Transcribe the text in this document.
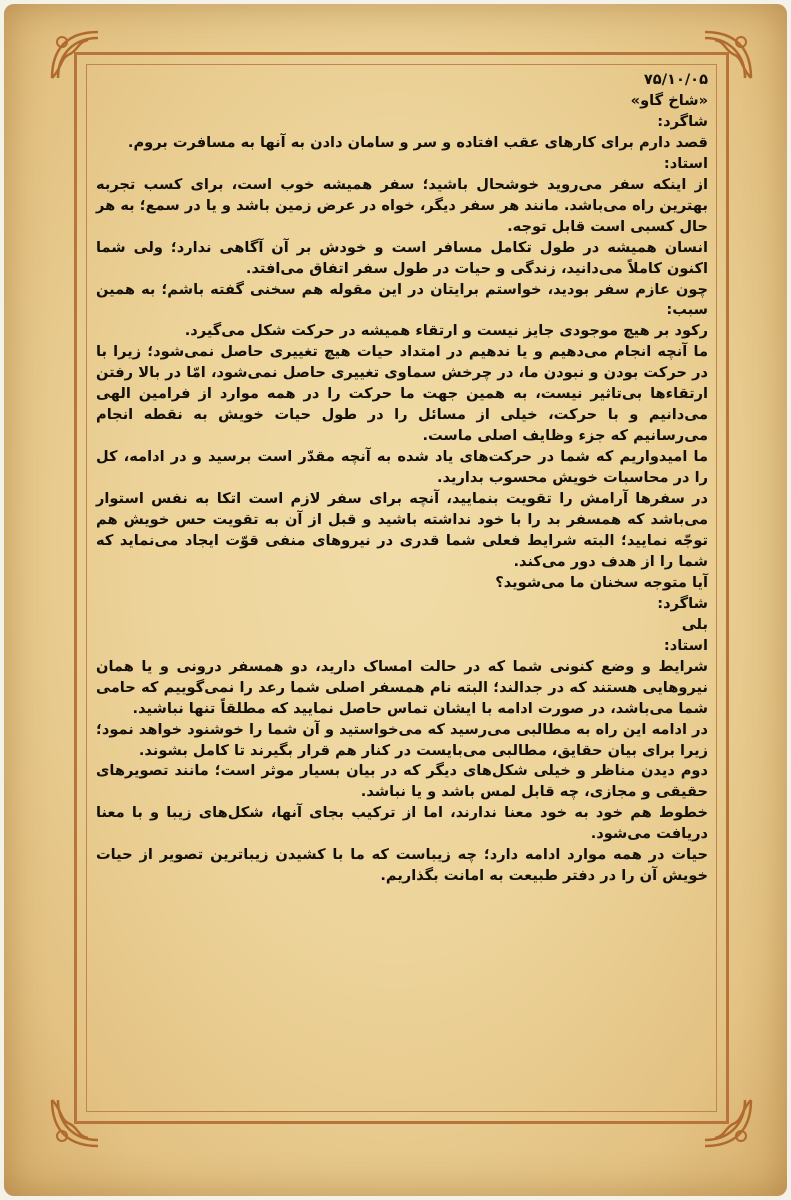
۷۵/۱۰/۰۵

«شاخ گاو»

شاگرد:

قصد دارم برای کارهای عقب افتاده و سر و سامان دادن به آنها به مسافرت بروم.

استاد:

از اینکه سفر می‌روید خوشحال باشید؛ سفر همیشه خوب است، برای کسب تجربه بهترین راه می‌باشد. مانند هر سفر دیگر، خواه در عرض زمین باشد و یا در سمع؛ به هر حال کسبی است قابل توجه.

انسان همیشه در طول تکامل مسافر است و خودش بر آن آگاهی ندارد؛ ولی شما اکنون کاملاً می‌دانید، زندگی و حیات در طول سفر اتفاق می‌افتد.

چون عازم سفر بودید، خواستم برایتان در این مقوله هم سخنی گفته باشم؛ به همین سبب:

رکود بر هیچ موجودی جایز نیست و ارتقاء همیشه در حرکت شکل می‌گیرد.

ما آنچه انجام می‌دهیم و یا ندهیم در امتداد حیات هیچ تغییری حاصل نمی‌شود؛ زیرا با در حرکت بودن و نبودن ما، در چرخش سماوی تغییری حاصل نمی‌شود، امّا در بالا رفتن ارتقاءها بی‌تاثیر نیست، به همین جهت ما حرکت را در همه موارد از فرامین الهی می‌دانیم و با حرکت، خیلی از مسائل را در طول حیات خویش به نقطه انجام می‌رسانیم که جزء وظایف اصلی ماست.

ما امیدواریم که شما در حرکت‌های یاد شده به آنچه مقدّر است برسید و در ادامه، کل را در محاسبات خویش محسوب بدارید.

در سفرها آرامش را تقویت بنمایید، آنچه برای سفر لازم است اتکا به نفس استوار می‌باشد که همسفر بد را با خود نداشته باشید و قبل از آن به تقویت حس خویش هم توجّه نمایید؛ البته شرایط فعلی شما قدری در نیروهای منفی قوّت ایجاد می‌نماید که شما را از هدف دور می‌کند.

آیا متوجه سخنان ما می‌شوید؟

شاگرد:

بلی

استاد:

شرایط و وضع کنونی شما که در حالت امساک دارید، دو همسفر درونی و یا همان نیروهایی هستند که در جدالند؛ البته نام همسفر اصلی شما رعد را نمی‌گوییم که حامی شما می‌باشد، در صورت ادامه با ایشان تماس حاصل نمایید که مطلقاً تنها نباشید.

در ادامه این راه به مطالبی می‌رسید که می‌خواستید و آن شما را خوشنود خواهد نمود؛ زیرا برای بیان حقایق، مطالبی می‌بایست در کنار هم قرار بگیرند تا کامل بشوند.

دوم دیدن مناظر و خیلی شکل‌های دیگر که در بیان بسیار موثر است؛ مانند تصویرهای حقیقی و مجازی، چه قابل لمس باشد و یا نباشد.

خطوط هم خود به خود معنا ندارند، اما از ترکیب بجای آنها، شکل‌های زیبا و با معنا دریافت می‌شود.

حیات در همه موارد ادامه دارد؛ چه زیباست که ما با کشیدن زیباترین تصویر از حیات خویش آن را در دفتر طبیعت به امانت بگذاریم.
